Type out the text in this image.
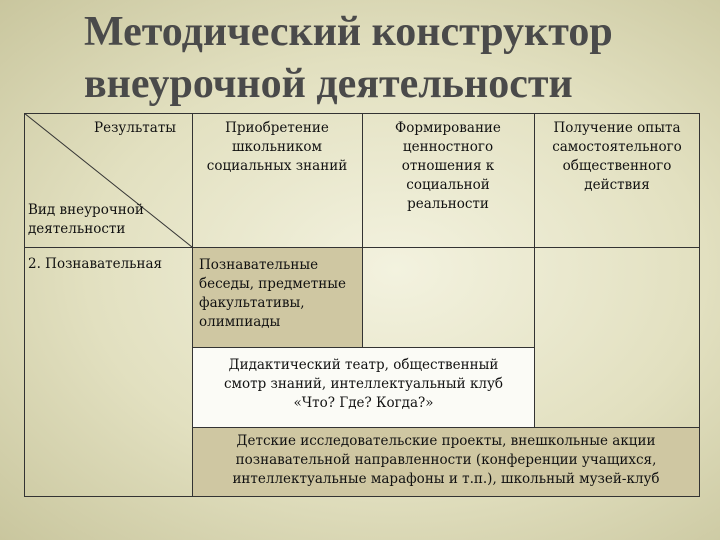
Методический конструктор
внеурочной деятельности
Результаты
Вид внеурочной деятельности
Приобретение школьником социальных знаний
Формирование ценностного отношения к социальной реальности
Получение опыта самостоятельного общественного действия
2. Познавательная	Познавательные беседы, предметные факультативы, олимпиады
Дидактический театр, общественный смотр знаний, интеллектуальный клуб «Что? Где? Когда?»
Детские исследовательские проекты, внешкольные акции познавательной направленности (конференции учащихся, интеллектуальные марафоны и т.п.), школьный музей-клуб
